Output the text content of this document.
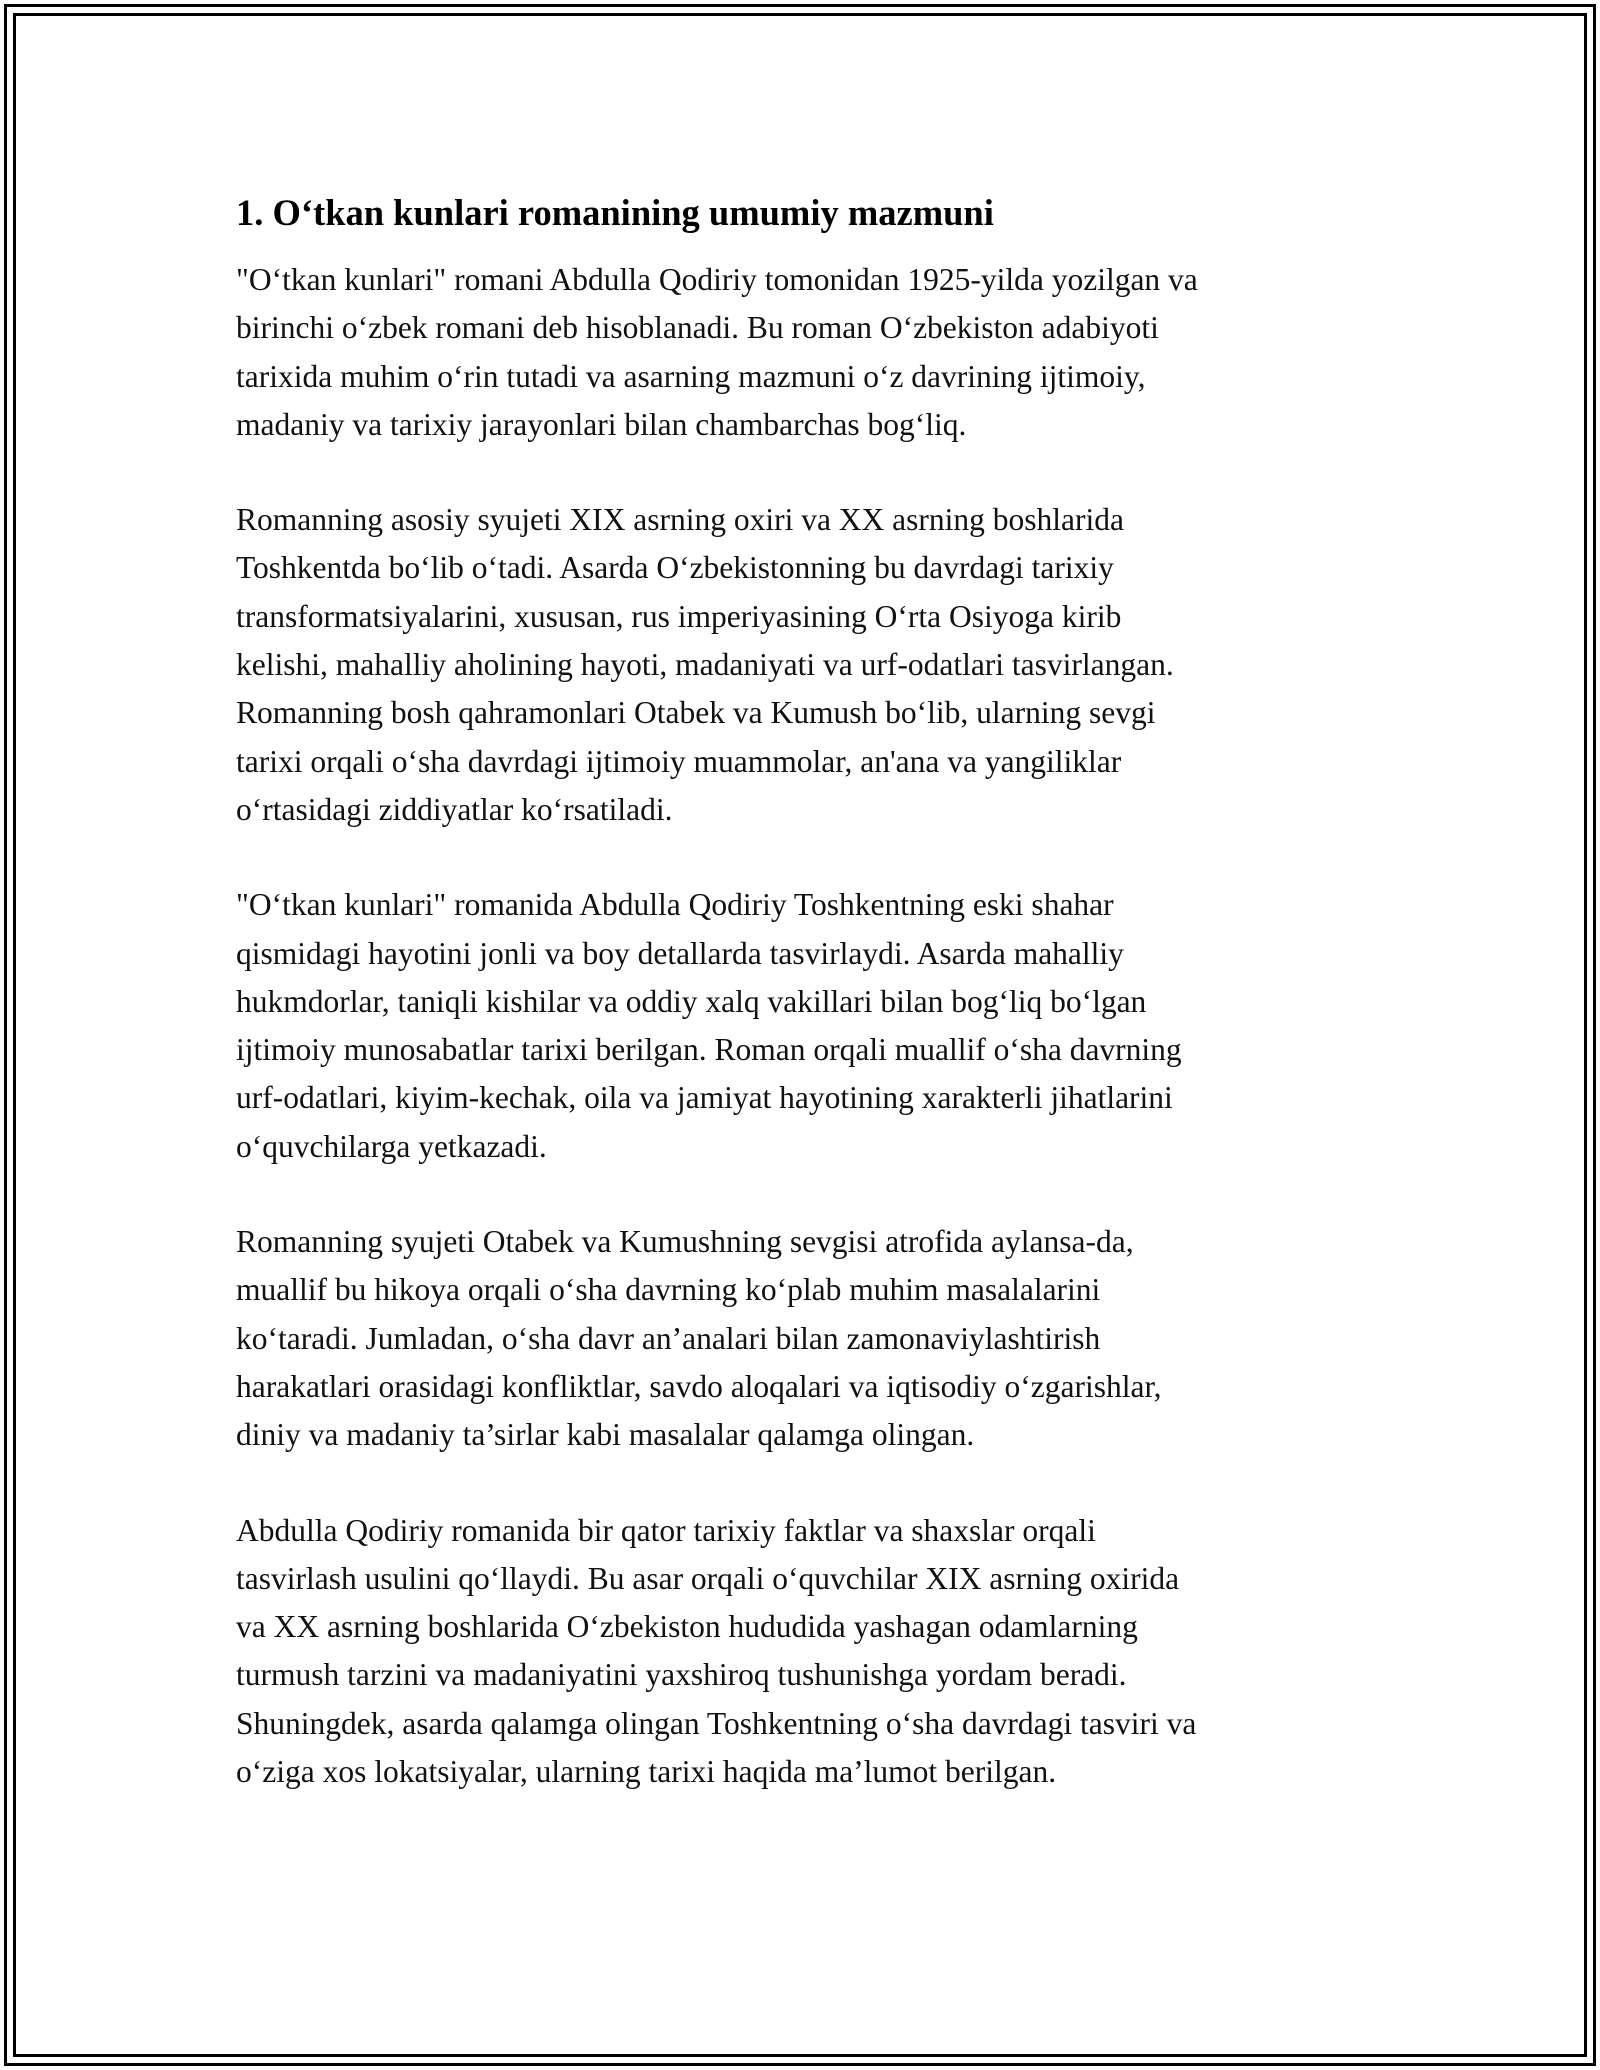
1. O‘tkan kunlari romanining umumiy mazmuni

"O‘tkan kunlari" romani Abdulla Qodiriy tomonidan 1925-yilda yozilgan va
birinchi o‘zbek romani deb hisoblanadi. Bu roman O‘zbekiston adabiyoti
tarixida muhim o‘rin tutadi va asarning mazmuni o‘z davrining ijtimoiy,
madaniy va tarixiy jarayonlari bilan chambarchas bog‘liq.

Romanning asosiy syujeti XIX asrning oxiri va XX asrning boshlarida
Toshkentda bo‘lib o‘tadi. Asarda O‘zbekistonning bu davrdagi tarixiy
transformatsiyalarini, xususan, rus imperiyasining O‘rta Osiyoga kirib
kelishi, mahalliy aholining hayoti, madaniyati va urf-odatlari tasvirlangan.
Romanning bosh qahramonlari Otabek va Kumush bo‘lib, ularning sevgi
tarixi orqali o‘sha davrdagi ijtimoiy muammolar, an'ana va yangiliklar
o‘rtasidagi ziddiyatlar ko‘rsatiladi.

"O‘tkan kunlari" romanida Abdulla Qodiriy Toshkentning eski shahar
qismidagi hayotini jonli va boy detallarda tasvirlaydi. Asarda mahalliy
hukmdorlar, taniqli kishilar va oddiy xalq vakillari bilan bog‘liq bo‘lgan
ijtimoiy munosabatlar tarixi berilgan. Roman orqali muallif o‘sha davrning
urf-odatlari, kiyim-kechak, oila va jamiyat hayotining xarakterli jihatlarini
o‘quvchilarga yetkazadi.

Romanning syujeti Otabek va Kumushning sevgisi atrofida aylansa-da,
muallif bu hikoya orqali o‘sha davrning ko‘plab muhim masalalarini
ko‘taradi. Jumladan, o‘sha davr an’analari bilan zamonaviylashtirish
harakatlari orasidagi konfliktlar, savdo aloqalari va iqtisodiy o‘zgarishlar,
diniy va madaniy ta’sirlar kabi masalalar qalamga olingan.

Abdulla Qodiriy romanida bir qator tarixiy faktlar va shaxslar orqali
tasvirlash usulini qo‘llaydi. Bu asar orqali o‘quvchilar XIX asrning oxirida
va XX asrning boshlarida O‘zbekiston hududida yashagan odamlarning
turmush tarzini va madaniyatini yaxshiroq tushunishga yordam beradi.
Shuningdek, asarda qalamga olingan Toshkentning o‘sha davrdagi tasviri va
o‘ziga xos lokatsiyalar, ularning tarixi haqida ma’lumot berilgan.
